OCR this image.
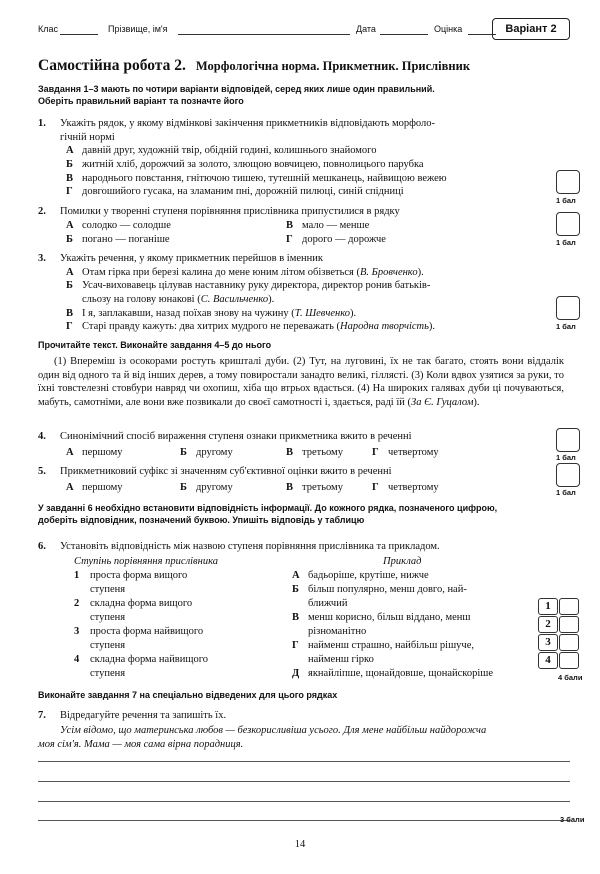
Клас	Прізвище, ім'я	Дата	Оцінка	Варіант 2
Самостійна робота 2. Морфологічна норма. Прикметник. Прислівник
Завдання 1–3 мають по чотири варіанти відповідей, серед яких лише один правильний.
Оберіть правильний варіант та позначте його
1. Укажіть рядок, у якому відмінкові закінчення прикметників відповідають морфоло-
гічній нормі
А давній друг, художній твір, обідній годині, колишнього знайомого
Б житній хліб, дорожчий за золото, злющою вовчицею, повнолицього парубка
В народнього повстання, гнітючою тишею, тутешній мешканець, найвищою вежею
Г довгошийого гусака, на зламаним пні, дорожній пилюці, синій спідниці
1 бал
2. Помилки у творенні ступеня порівняння прислівника припустилися в рядку
А солодко — солодше	В мало — менше
Б погано — поганіше	Г дорого — дорожче	1 бал
3. Укажіть речення, у якому прикметник перейшов в іменник
А Отам гірка при березі калина до мене юним літом обізветься (В. Бровченко).
Б Усач-виховавець цілував наставнику руку директора, директор ронив батьків-
сльозу на голову юнакові (С. Васильченко).
В І я, заплакавши, назад поїхав знову на чужину (Т. Шевченко).
Г Старі правду кажуть: два хитрих мудрого не переважать (Народна творчість).	1 бал
Прочитайте текст. Виконайте завдання 4–5 до нього
(1) Впереміш із осокорами ростуть кришталі дуби. (2) Тут, на луговині, їх не так багато, стоять вони віддалік один від одного та й від інших дерев, а тому повиростали занадто великі, гіллясті. (3) Коли вдвох узятися за руки, то їхні товстелезні стовбури навряд чи охопиш, хіба що втрьох вдасться. (4) На широких галявах дуби ці почуваються, мабуть, самотніми, але вони вже позвикали до своєї самотності і, здається, раді їй (За Є. Гуцалом).
4. Синонімічний спосіб вираження ступеня ознаки прикметника вжито в реченні
А першому	Б другому	В третьому	Г четвертому	1 бал
5. Прикметниковий суфікс зі значенням суб'єктивної оцінки вжито в реченні
А першому	Б другому	В третьому	Г четвертому	1 бал
У завданні 6 необхідно встановити відповідність інформації. До кожного рядка, позначеного цифрою,
доберіть відповідник, позначений буквою. Упишіть відповідь у таблицю
6. Установіть відповідність між назвою ступеня порівняння прислівника та прикладом.
Ступінь порівняння прислівника	Приклад
1 проста форма вищого
ступеня
2 складна форма вищого
ступеня
3 проста форма найвищого
ступеня
4 складна форма найвищого
ступеня
А бадьоріше, крутіше, нижче
Б більш популярно, менш довго, най-
ближчий
В менш корисно, більш віддано, менш
різноманітно
Г найменш страшно, найбільш рішуче,
найменш гірко
Д якнайліпше, щонайдовше, щонайскоріше
1
2
3
4
4 бали
Виконайте завдання 7 на спеціально відведених для цього рядках
7. Відредагуйте речення та запишіть їх.
Усім відомо, що материнська любов — безкорисливіша усього. Для мене найбільш найдорожча
моя сім'я. Мама — моя сама вірна порадниця.
3 бали
14
